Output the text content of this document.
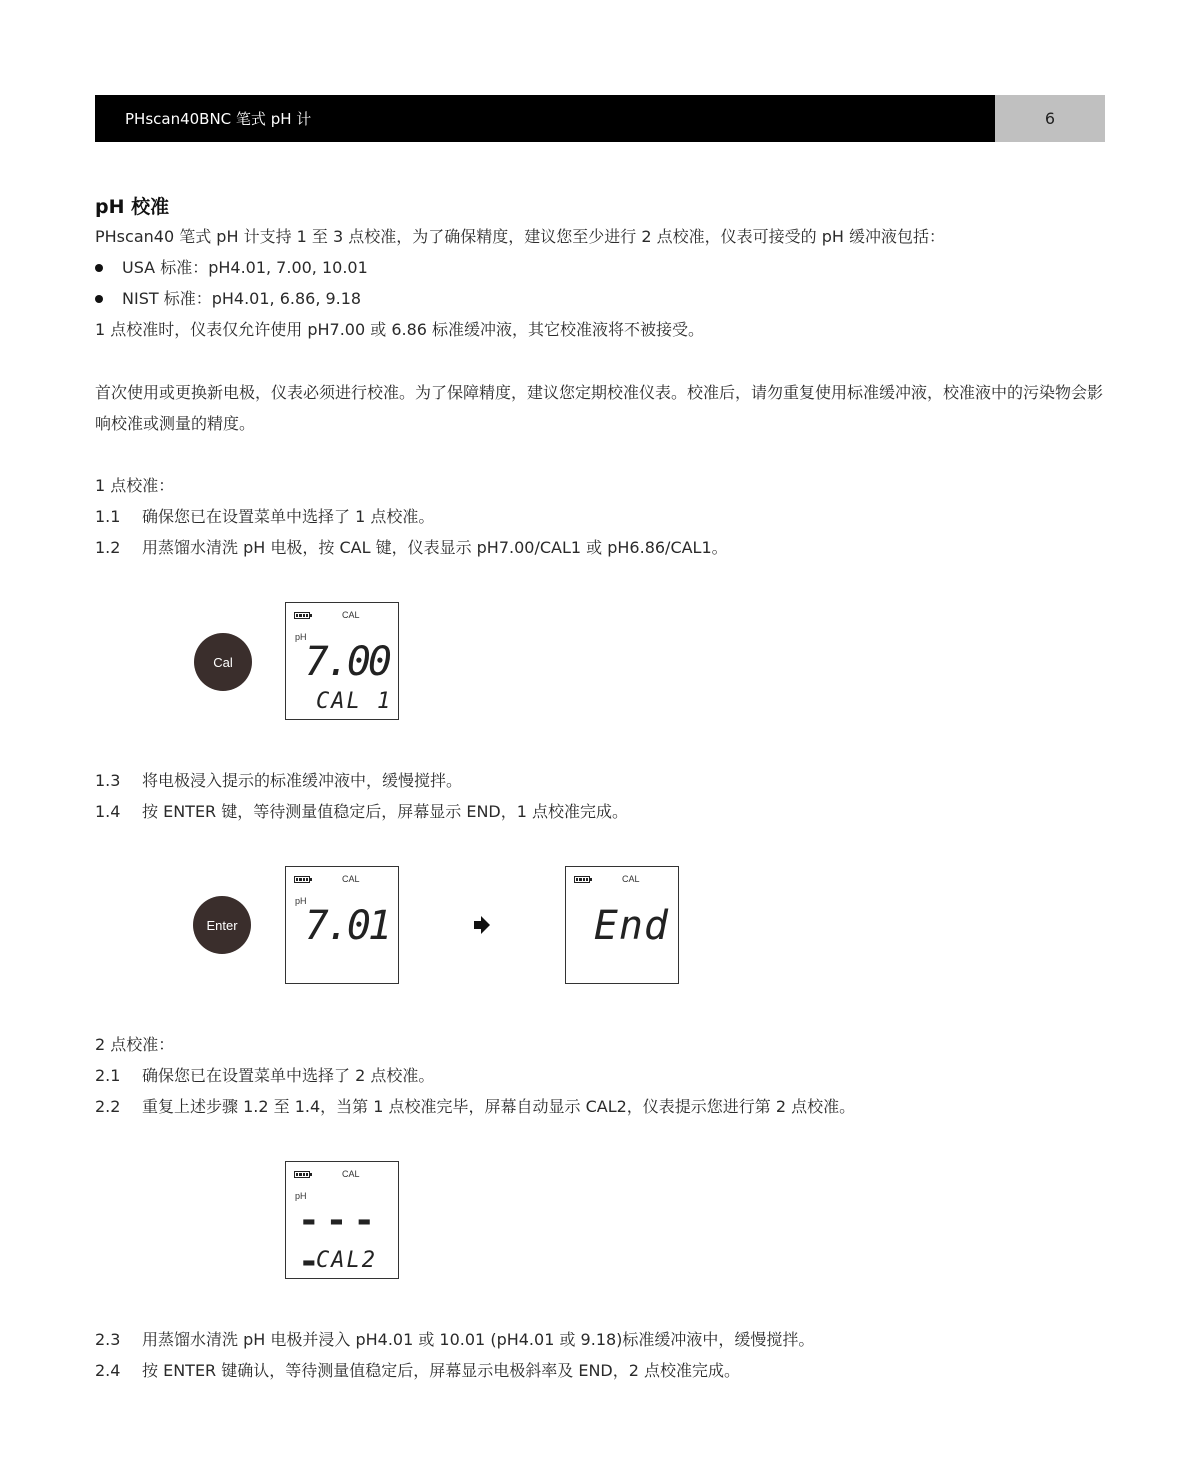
PHscan40BNC 笔式 pH 计	6
pH 校准
PHscan40 笔式 pH 计支持 1 至 3 点校准，为了确保精度，建议您至少进行 2 点校准，仪表可接受的 pH 缓冲液包括：
USA 标准：pH4.01, 7.00, 10.01
NIST 标准：pH4.01, 6.86, 9.18
1 点校准时，仪表仅允许使用 pH7.00 或 6.86 标准缓冲液，其它校准液将不被接受。
首次使用或更换新电极，仪表必须进行校准。为了保障精度，建议您定期校准仪表。校准后，请勿重复使用标准缓冲液，校准液中的污染物会影响校准或测量的精度。
1 点校准：
1.1 确保您已在设置菜单中选择了 1 点校准。
1.2 用蒸馏水清洗 pH 电极，按 CAL 键，仪表显示 pH7.00/CAL1 或 pH6.86/CAL1。
Cal
CAL
pH
7.00
CAL 1
1.3 将电极浸入提示的标准缓冲液中，缓慢搅拌。
1.4 按 ENTER 键，等待测量值稳定后，屏幕显示 END，1 点校准完成。
Enter
CAL
pH
7.01
CAL
End
2 点校准：
2.1 确保您已在设置菜单中选择了 2 点校准。
2.2 重复上述步骤 1.2 至 1.4，当第 1 点校准完毕，屏幕自动显示 CAL2，仪表提示您进行第 2 点校准。
CAL
pH
----
CAL2
2.3 用蒸馏水清洗 pH 电极并浸入 pH4.01 或 10.01 (pH4.01 或 9.18)标准缓冲液中，缓慢搅拌。
2.4 按 ENTER 键确认，等待测量值稳定后，屏幕显示电极斜率及 END，2 点校准完成。
